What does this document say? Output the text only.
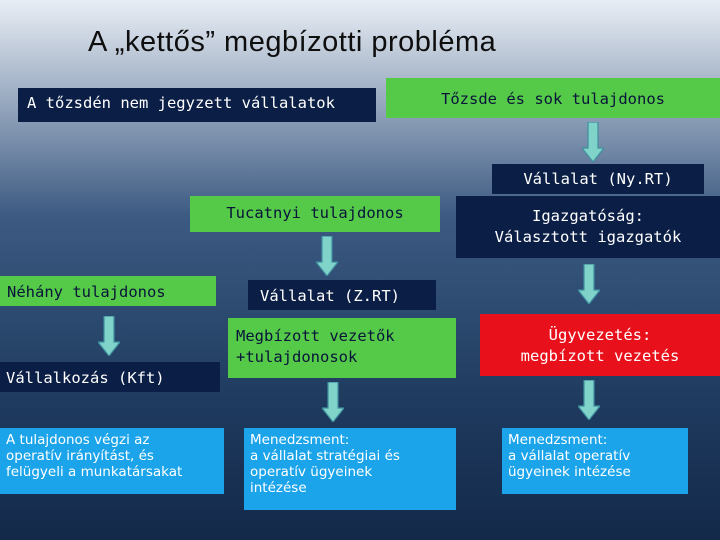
A „kettős” megbízotti probléma
A tőzsdén nem jegyzett vállalatok	Tőzsde és sok tulajdonos
Vállalat (Ny.RT)
Tucatnyi tulajdonos	Igazgatóság:
Választott igazgatók
Néhány tulajdonos	Vállalat (Z.RT)
Megbízott vezetők
+tulajdonosok
Ügyvezetés:
megbízott vezetés
Vállalkozás (Kft)
A tulajdonos végzi az
operatív irányítást, és
felügyeli a munkatársakat
Menedzsment:
a vállalat stratégiai és
operatív ügyeinek
intézése
Menedzsment:
a vállalat operatív
ügyeinek intézése
